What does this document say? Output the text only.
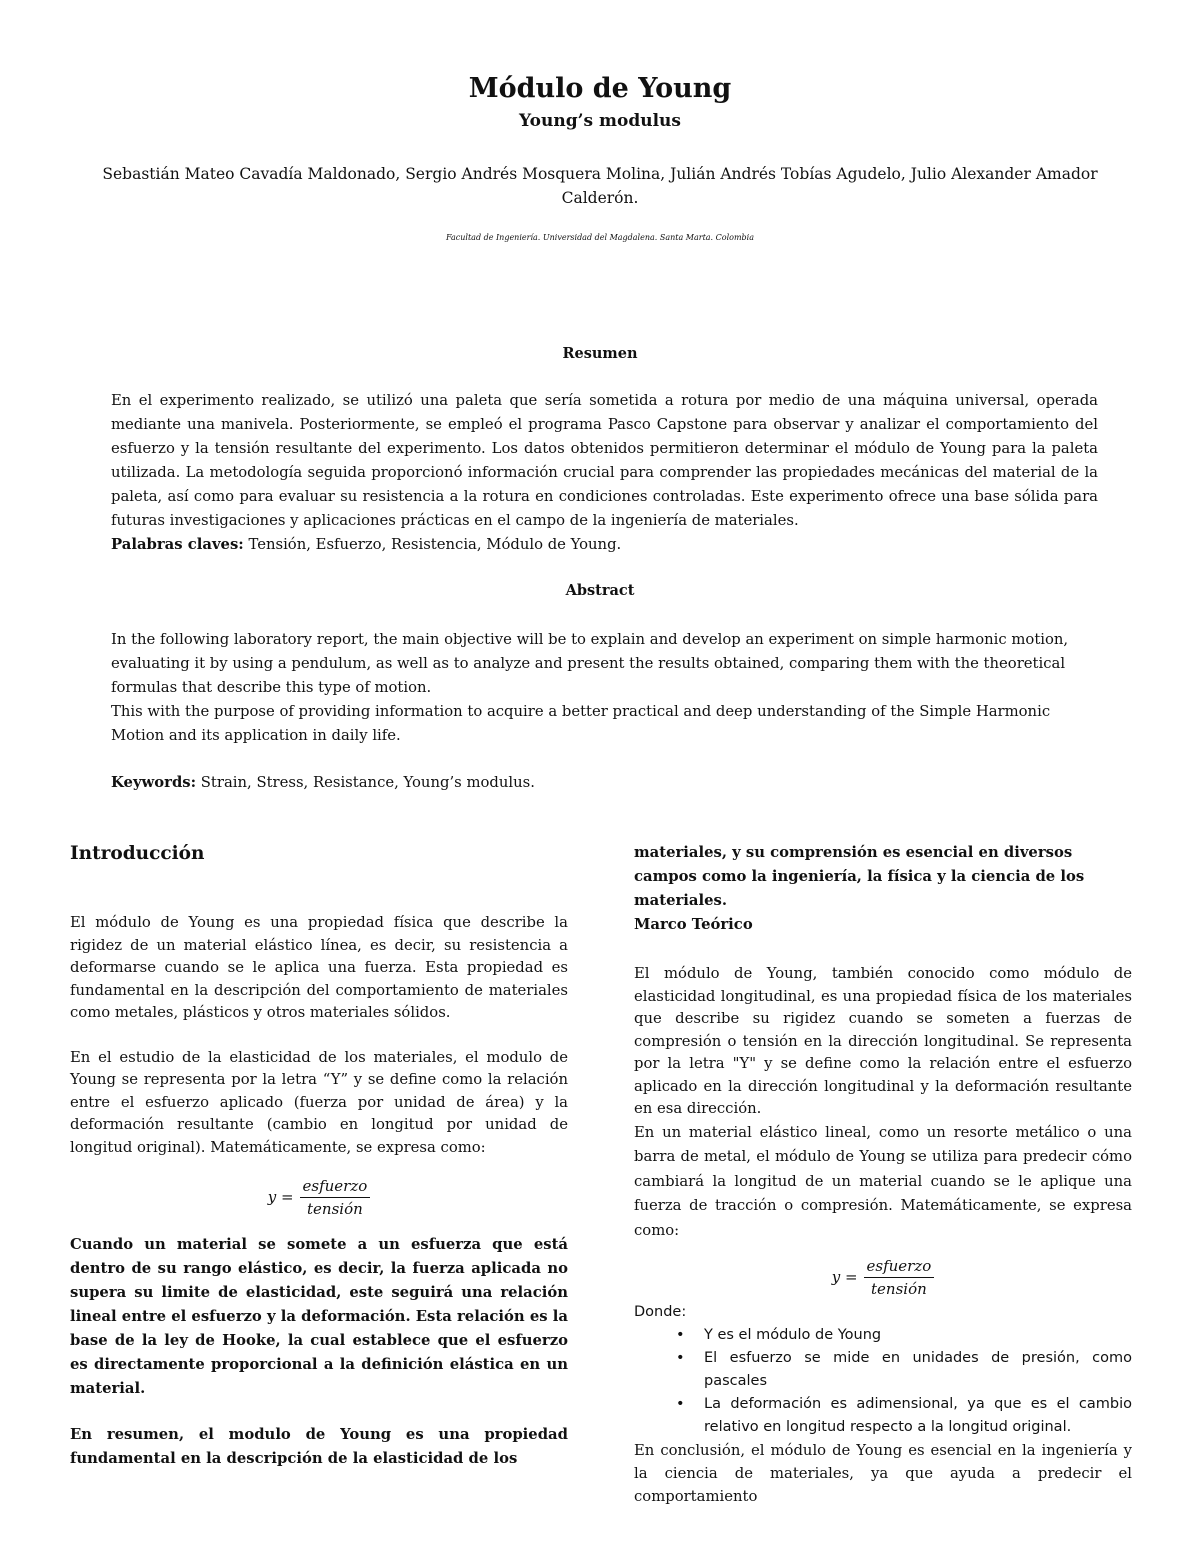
Módulo de Young
Young’s modulus
Sebastián Mateo Cavadía Maldonado, Sergio Andrés Mosquera Molina, Julián Andrés Tobías Agudelo, Julio Alexander Amador Calderón.
Facultad de Ingeniería. Universidad del Magdalena. Santa Marta. Colombia
Resumen

En el experimento realizado, se utilizó una paleta que sería sometida a rotura por medio de una máquina universal, operada mediante una manivela. Posteriormente, se empleó el programa Pasco Capstone para observar y analizar el comportamiento del esfuerzo y la tensión resultante del experimento. Los datos obtenidos permitieron determinar el módulo de Young para la paleta utilizada. La metodología seguida proporcionó información crucial para comprender las propiedades mecánicas del material de la paleta, así como para evaluar su resistencia a la rotura en condiciones controladas. Este experimento ofrece una base sólida para futuras investigaciones y aplicaciones prácticas en el campo de la ingeniería de materiales.

Palabras claves: Tensión, Esfuerzo, Resistencia, Módulo de Young.

Abstract

In the following laboratory report, the main objective will be to explain and develop an experiment on simple harmonic motion, evaluating it by using a pendulum, as well as to analyze and present the results obtained, comparing them with the theoretical formulas that describe this type of motion.

This with the purpose of providing information to acquire a better practical and deep understanding of the Simple Harmonic Motion and its application in daily life.

Keywords: Strain, Stress, Resistance, Young’s modulus.

Introducción

El módulo de Young es una propiedad física que describe la rigidez de un material elástico línea, es decir, su resistencia a deformarse cuando se le aplica una fuerza. Esta propiedad es fundamental en la descripción del comportamiento de materiales como metales, plásticos y otros materiales sólidos.

En el estudio de la elasticidad de los materiales, el modulo de Young se representa por la letra “Y” y se define como la relación entre el esfuerzo aplicado (fuerza por unidad de área) y la deformación resultante (cambio en longitud por unidad de longitud original). Matemáticamente, se expresa como:

$y = \frac{\text{esfuerzo}}{\text{tensión}}$

Cuando un material se somete a un esfuerza que está dentro de su rango elástico, es decir, la fuerza aplicada no supera su limite de elasticidad, este seguirá una relación lineal entre el esfuerzo y la deformación. Esta relación es la base de la ley de Hooke, la cual establece que el esfuerzo es directamente proporcional a la definición elástica en un material.

En resumen, el modulo de Young es una propiedad fundamental en la descripción de la elasticidad de los

materiales, y su comprensión es esencial en diversos campos como la ingeniería, la física y la ciencia de los materiales.

Marco Teórico

El módulo de Young, también conocido como módulo de elasticidad longitudinal, es una propiedad física de los materiales que describe su rigidez cuando se someten a fuerzas de compresión o tensión en la dirección longitudinal. Se representa por la letra "Y" y se define como la relación entre el esfuerzo aplicado en la dirección longitudinal y la deformación resultante en esa dirección.

En un material elástico lineal, como un resorte metálico o una barra de metal, el módulo de Young se utiliza para predecir cómo cambiará la longitud de un material cuando se le aplique una fuerza de tracción o compresión. Matemáticamente, se expresa como:

$y = \frac{\text{esfuerzo}}{\text{tensión}}$

Donde:

• Y es el módulo de Young
• El esfuerzo se mide en unidades de presión, como pascales
• La deformación es adimensional, ya que es el cambio relativo en longitud respecto a la longitud original.

En conclusión, el módulo de Young es esencial en la ingeniería y la ciencia de materiales, ya que ayuda a predecir el comportamiento
